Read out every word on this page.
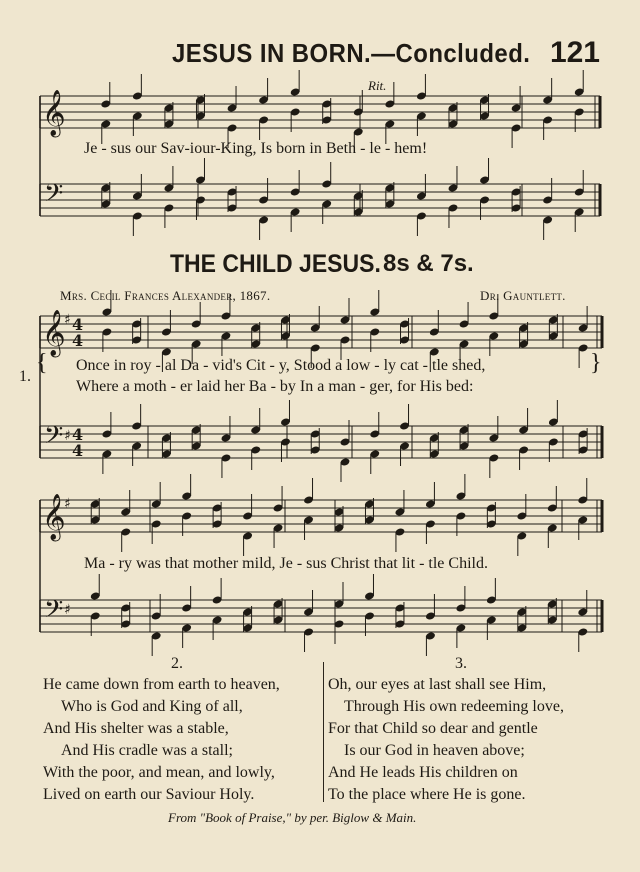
JESUS IN BORN.—Concluded. 121
Rit.
𝄞
𝄢
𝄞
♯ 4
4
𝄢 ♯ 4
4
𝄞
♯
𝄢 ♯
Je - sus our Sav-iour-King, Is born in Beth - le - hem!
THE CHILD JESUS. 8s & 7s.
Mrs. Cecil Frances Alexander, 1867.	Dr. Gauntlett.
1.
{ Once in roy - al Da - vid's Cit - y, Stood a low - ly cat - tle shed,
Where a moth - er laid her Ba - by In a man - ger, for His bed:
}
Ma - ry was that mother mild, Je - sus Christ that lit - tle Child.
2.	3.
He came down from earth to heaven,
Who is God and King of all,
And His shelter was a stable,
And His cradle was a stall;
With the poor, and mean, and lowly,
Lived on earth our Saviour Holy.
Oh, our eyes at last shall see Him,
Through His own redeeming love,
For that Child so dear and gentle
Is our God in heaven above;
And He leads His children on
To the place where He is gone.
From "Book of Praise," by per. Biglow & Main.
